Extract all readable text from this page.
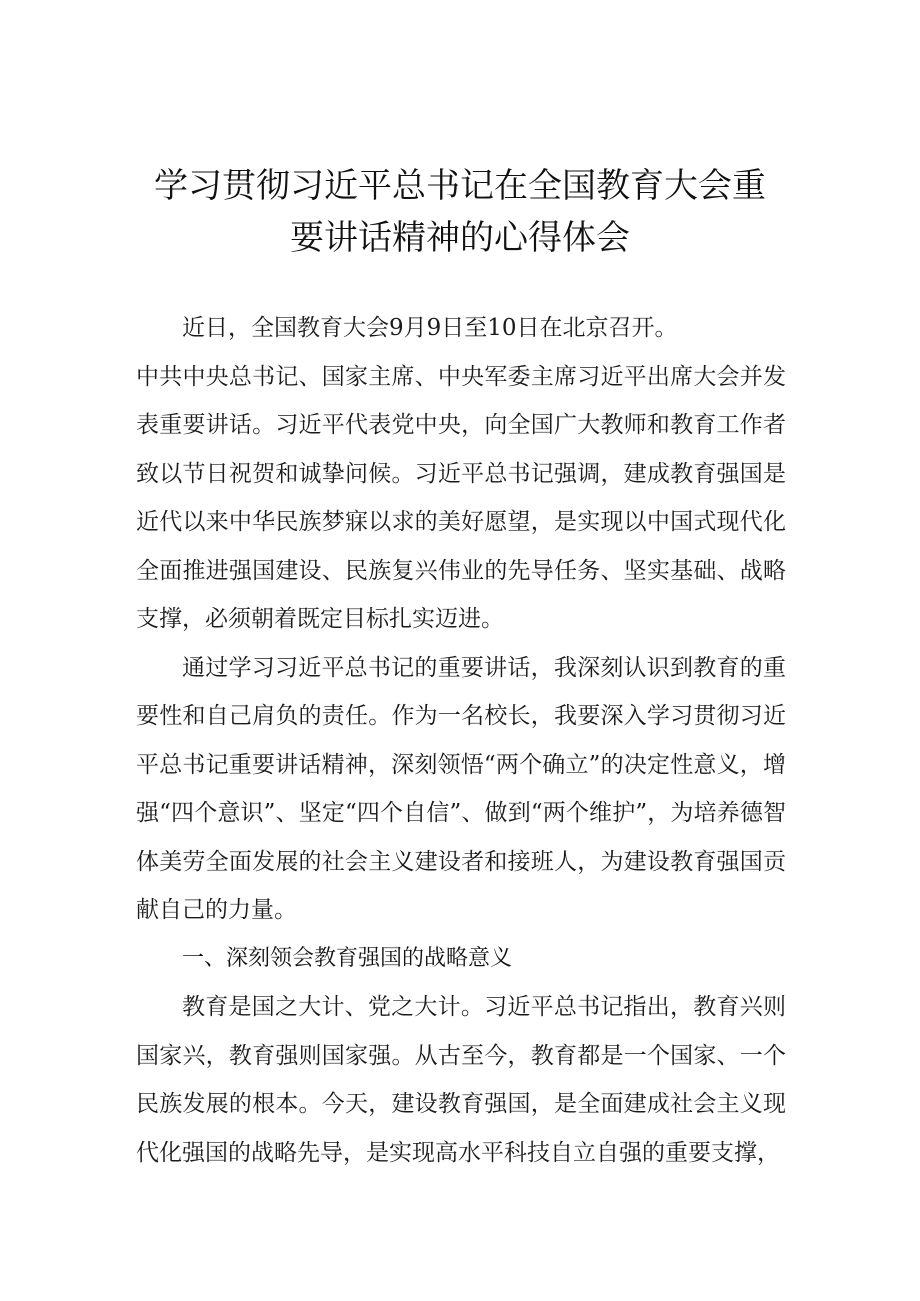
学习贯彻习近平总书记在全国教育大会重
要讲话精神的心得体会

近日，全国教育大会9月9日至10日在北京召开。

中共中央总书记、国家主席、中央军委主席习近平出席大会并发表重要讲话。习近平代表党中央，向全国广大教师和教育工作者致以节日祝贺和诚挚问候。习近平总书记强调，建成教育强国是近代以来中华民族梦寐以求的美好愿望，是实现以中国式现代化全面推进强国建设、民族复兴伟业的先导任务、坚实基础、战略支撑，必须朝着既定目标扎实迈进。

通过学习习近平总书记的重要讲话，我深刻认识到教育的重要性和自己肩负的责任。作为一名校长，我要深入学习贯彻习近平总书记重要讲话精神，深刻领悟“两个确立”的决定性意义，增强“四个意识”、坚定“四个自信”、做到“两个维护”，为培养德智体美劳全面发展的社会主义建设者和接班人，为建设教育强国贡献自己的力量。

一、深刻领会教育强国的战略意义

教育是国之大计、党之大计。习近平总书记指出，教育兴则国家兴，教育强则国家强。从古至今，教育都是一个国家、一个民族发展的根本。今天，建设教育强国，是全面建成社会主义现代化强国的战略先导，是实现高水平科技自立自强的重要支撑，
